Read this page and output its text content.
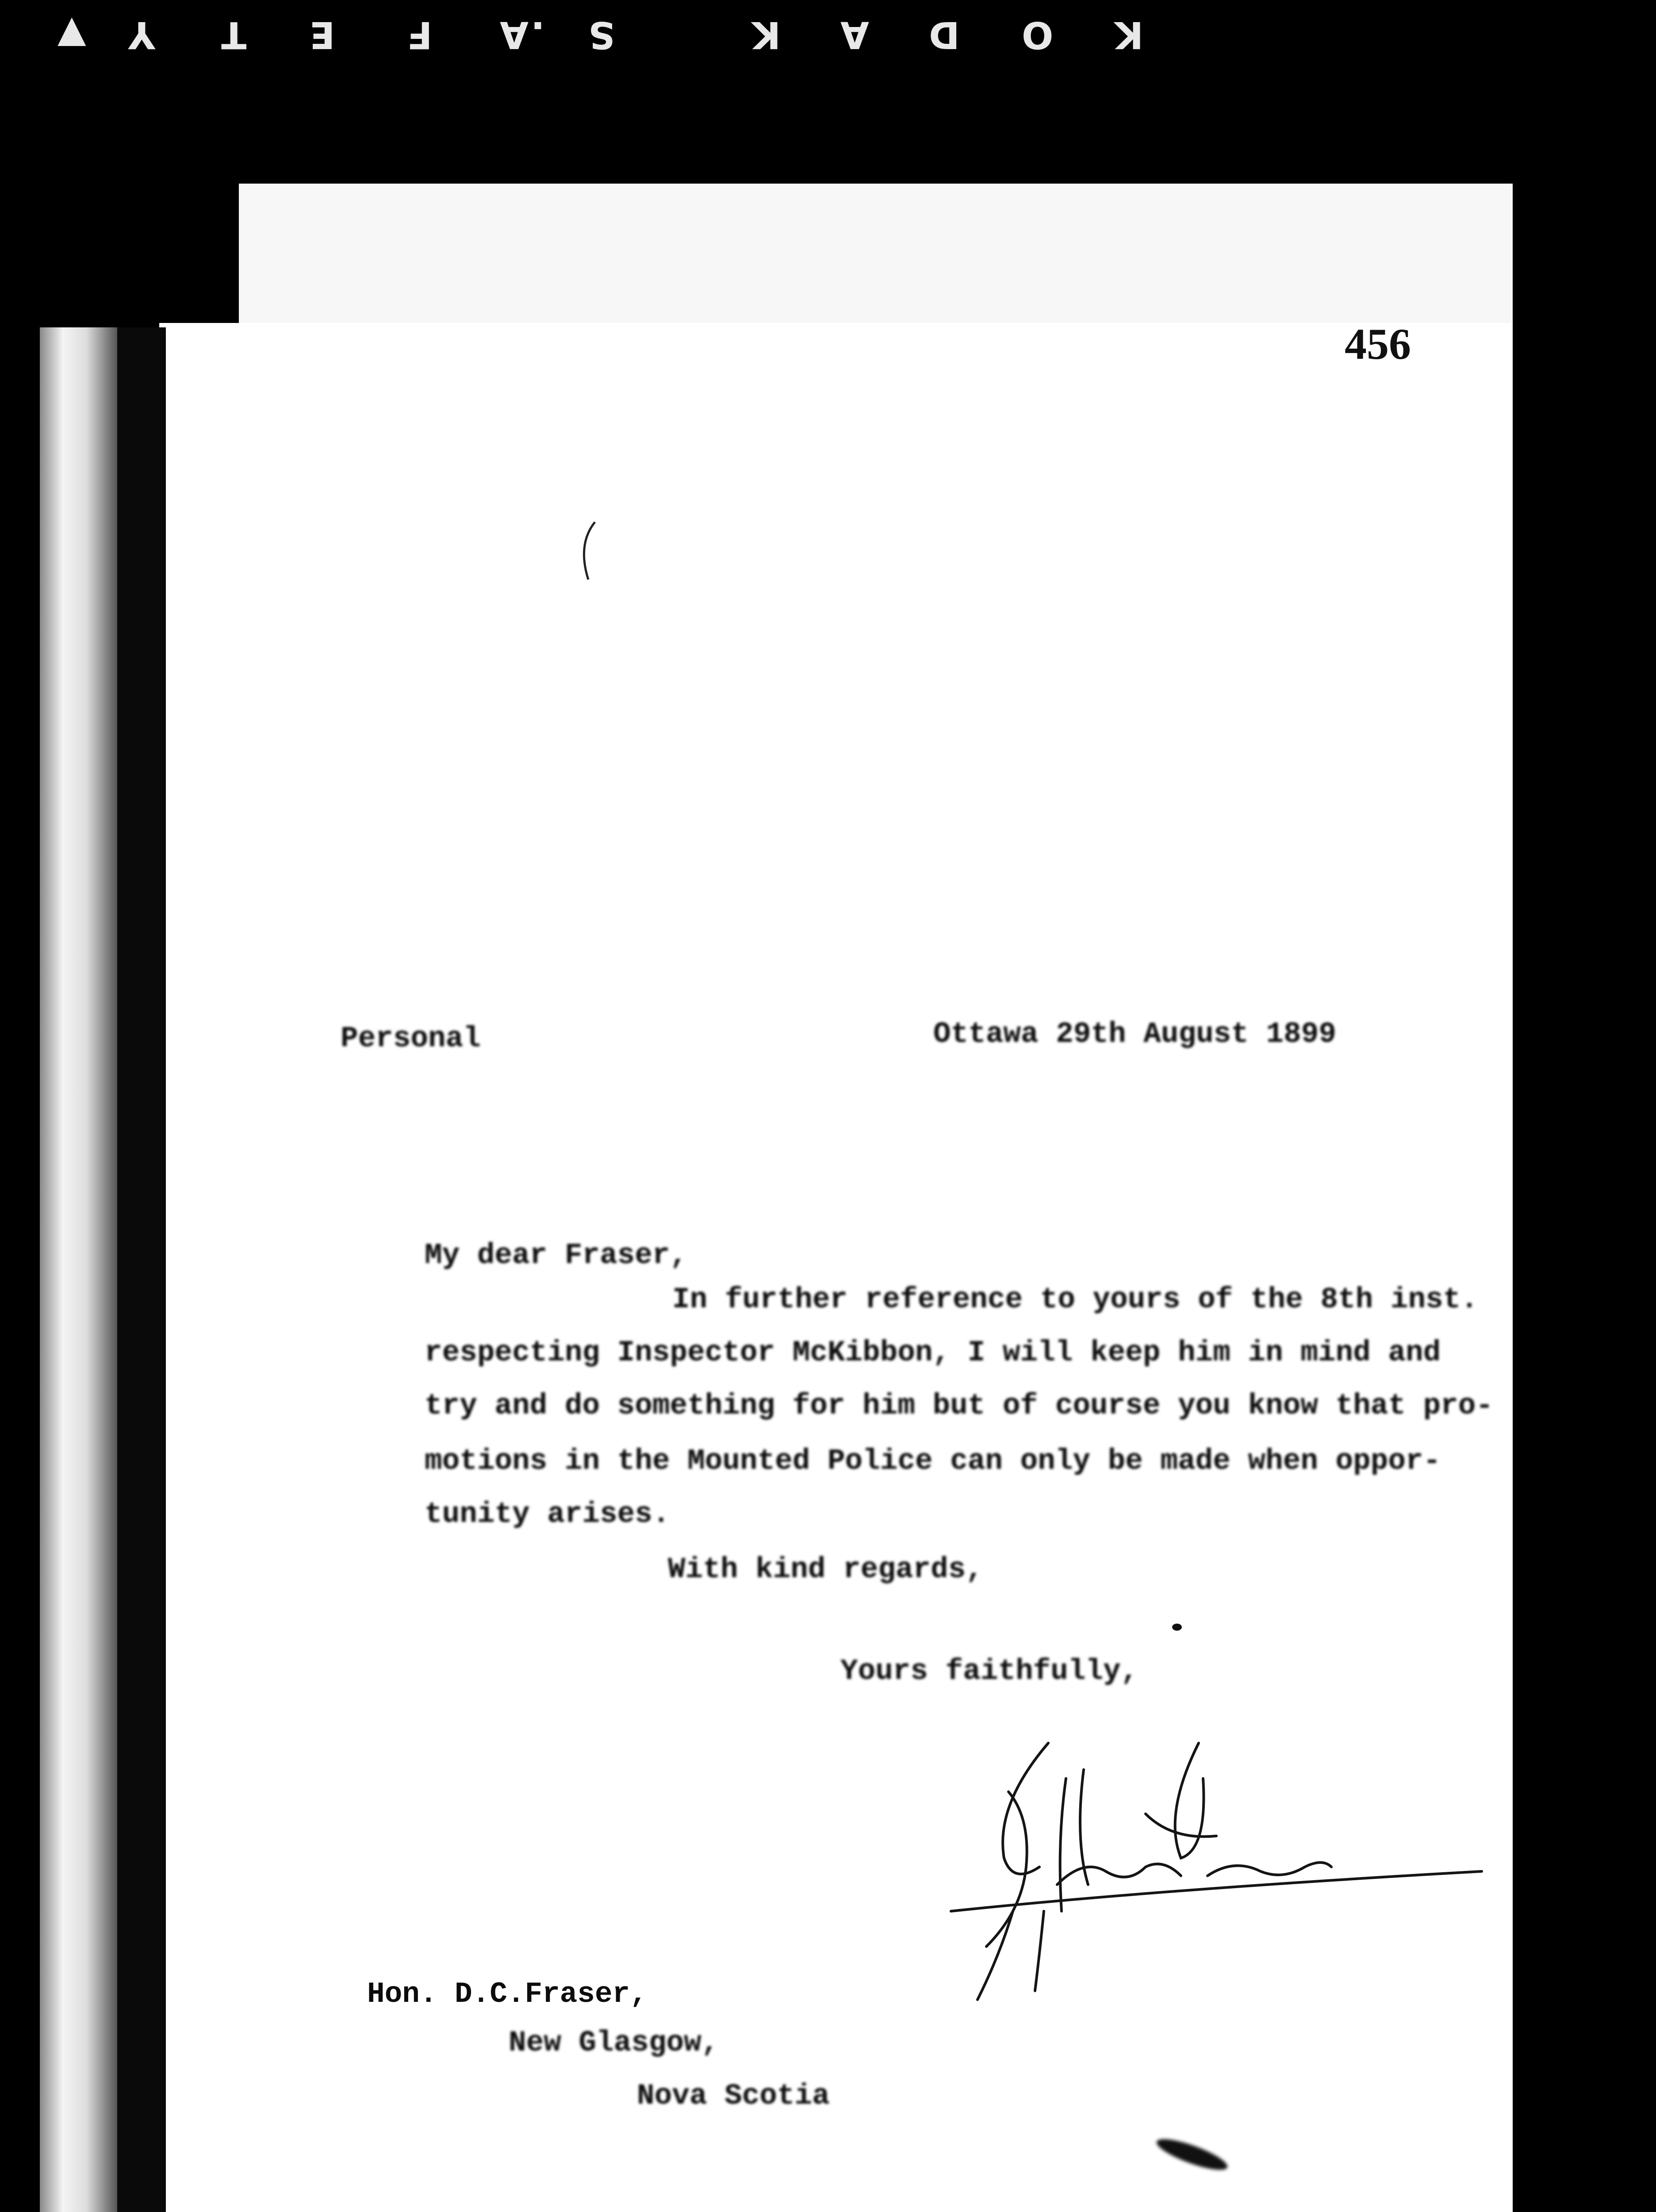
K
O
D
A
K
S
.
A
F
E
T
Y
▼
456
Personal	Ottawa 29th August 1899
My dear Fraser,
In further reference to yours of the 8th inst.
respecting Inspector McKibbon, I will keep him in mind and
try and do something for him but of course you know that pro-
motions in the Mounted Police can only be made when oppor-
tunity arises.
With kind regards,
Yours faithfully,
Hon. D.C.Fraser,
New Glasgow,
Nova Scotia
